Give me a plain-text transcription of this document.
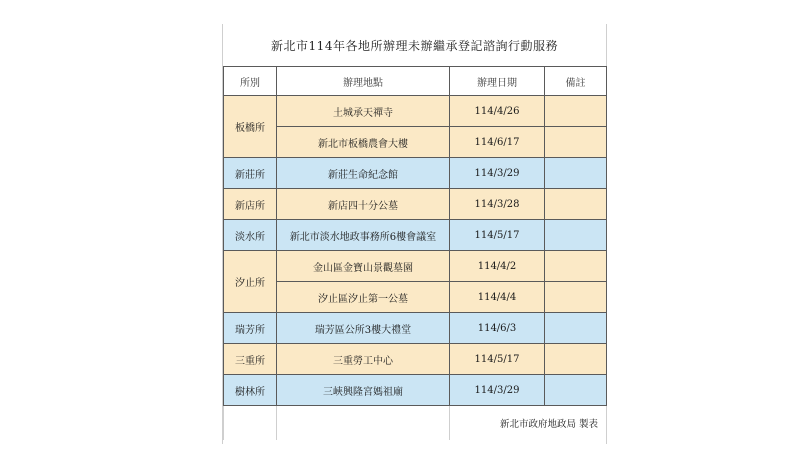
新北市114年各地所辦理未辦繼承登記諮詢行動服務
所別	辦理地點	辦理日期	備註
板橋所	土城承天禪寺	114/4/26	
	新北市板橋農會大樓	114/6/17	
新莊所	新莊生命紀念館	114/3/29	
新店所	新店四十分公墓	114/3/28	
淡水所	新北市淡水地政事務所6樓會議室	114/5/17	
汐止所	金山區金寶山景觀墓園	114/4/2	
	汐止區汐止第一公墓	114/4/4	
瑞芳所	瑞芳區公所3樓大禮堂	114/6/3	
三重所	三重勞工中心	114/5/17	
樹林所	三峽興隆宮媽祖廟	114/3/29	
		新北市政府地政局 製表	
